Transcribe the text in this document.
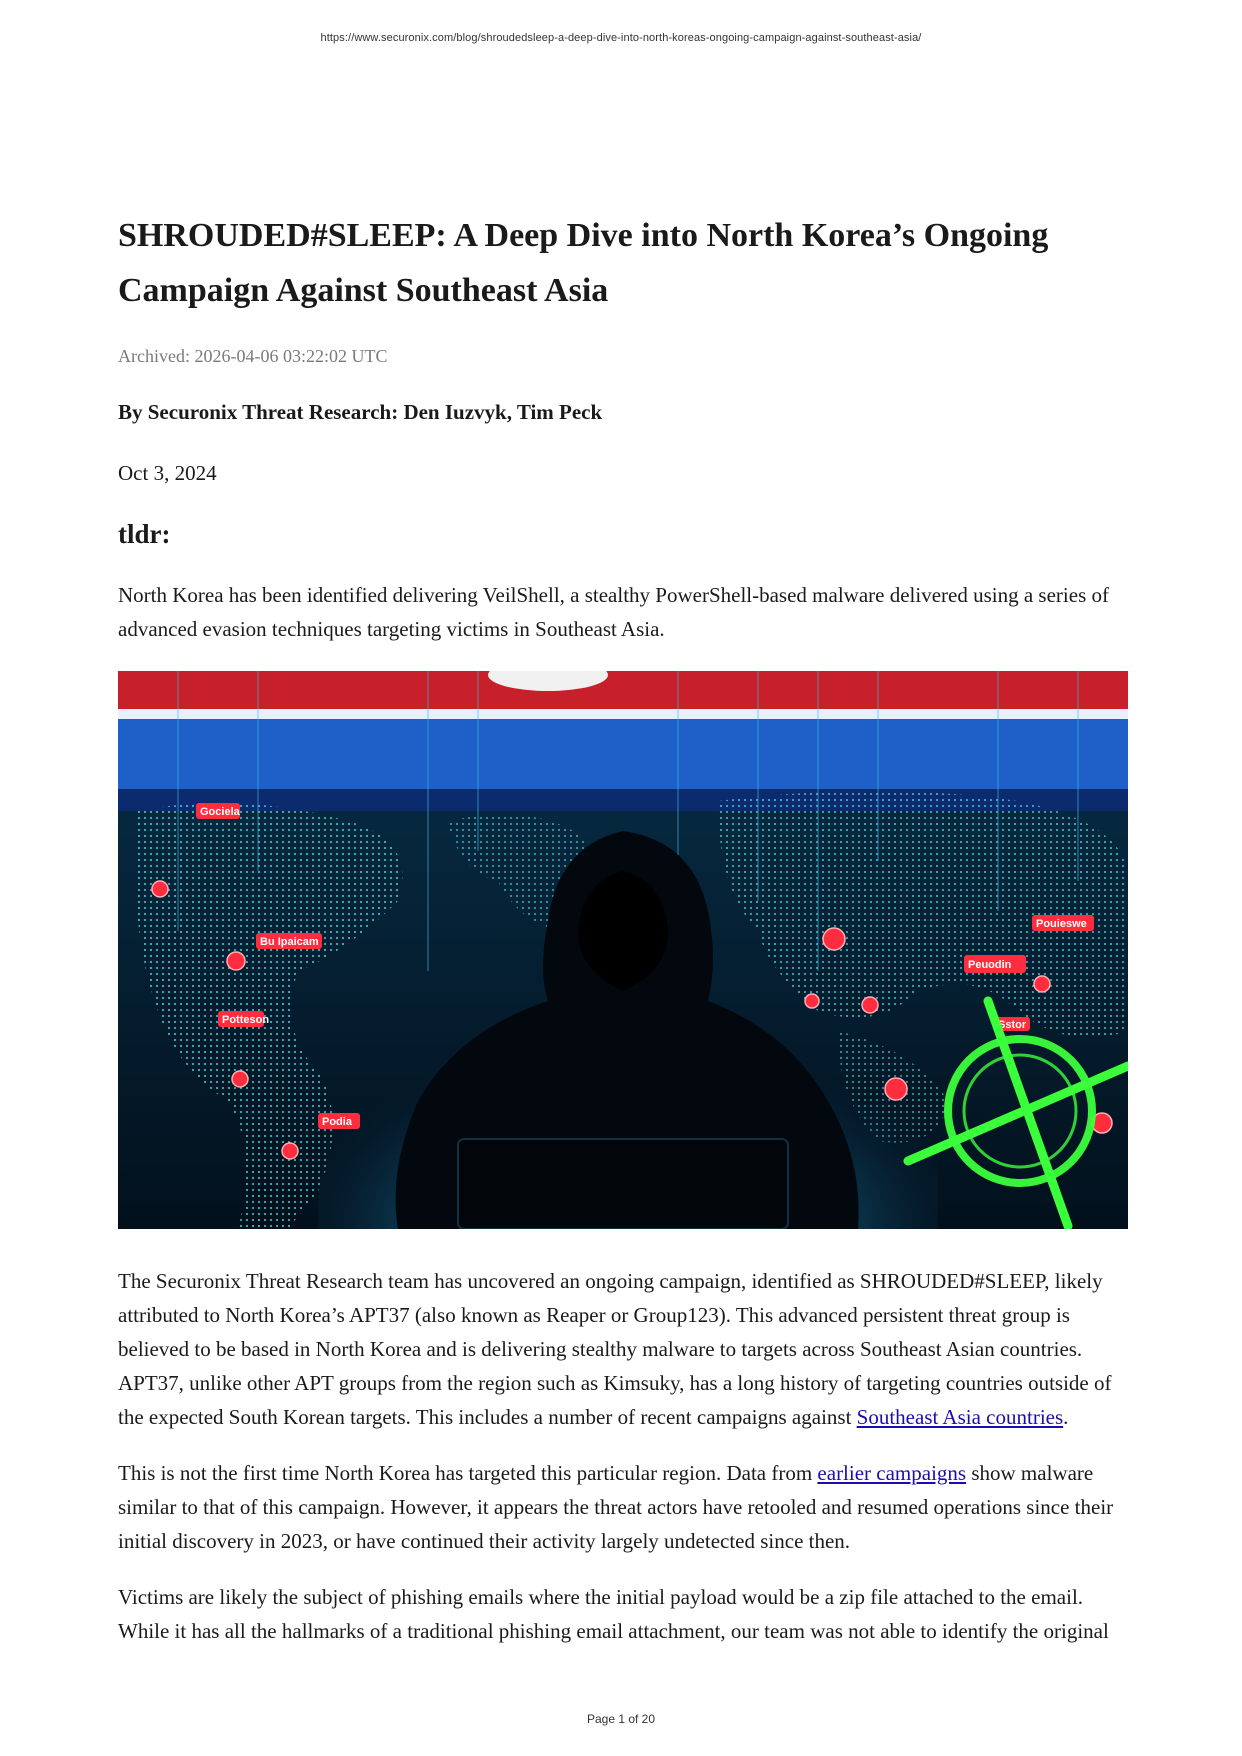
https://www.securonix.com/blog/shroudedsleep-a-deep-dive-into-north-koreas-ongoing-campaign-against-southeast-asia/
SHROUDED#SLEEP: A Deep Dive into North Korea’s Ongoing Campaign Against Southeast Asia
Archived: 2026-04-06 03:22:02 UTC
By Securonix Threat Research: Den Iuzvyk, Tim Peck
Oct 3, 2024
tldr:

North Korea has been identified delivering VeilShell, a stealthy PowerShell-based malware delivered using a series of advanced evasion techniques targeting victims in Southeast Asia.

Gociela
Bu Ipaicam
Potteson
Podia
Pouieswe
Peuodin
Sstor

The Securonix Threat Research team has uncovered an ongoing campaign, identified as SHROUDED#SLEEP, likely attributed to North Korea’s APT37 (also known as Reaper or Group123). This advanced persistent threat group is believed to be based in North Korea and is delivering stealthy malware to targets across Southeast Asian countries. APT37, unlike other APT groups from the region such as Kimsuky, has a long history of targeting countries outside of the expected South Korean targets. This includes a number of recent campaigns against Southeast Asia countries.

This is not the first time North Korea has targeted this particular region. Data from earlier campaigns show malware similar to that of this campaign. However, it appears the threat actors have retooled and resumed operations since their initial discovery in 2023, or have continued their activity largely undetected since then.

Victims are likely the subject of phishing emails where the initial payload would be a zip file attached to the email. While it has all the hallmarks of a traditional phishing email attachment, our team was not able to identify the original

Page 1 of 20
